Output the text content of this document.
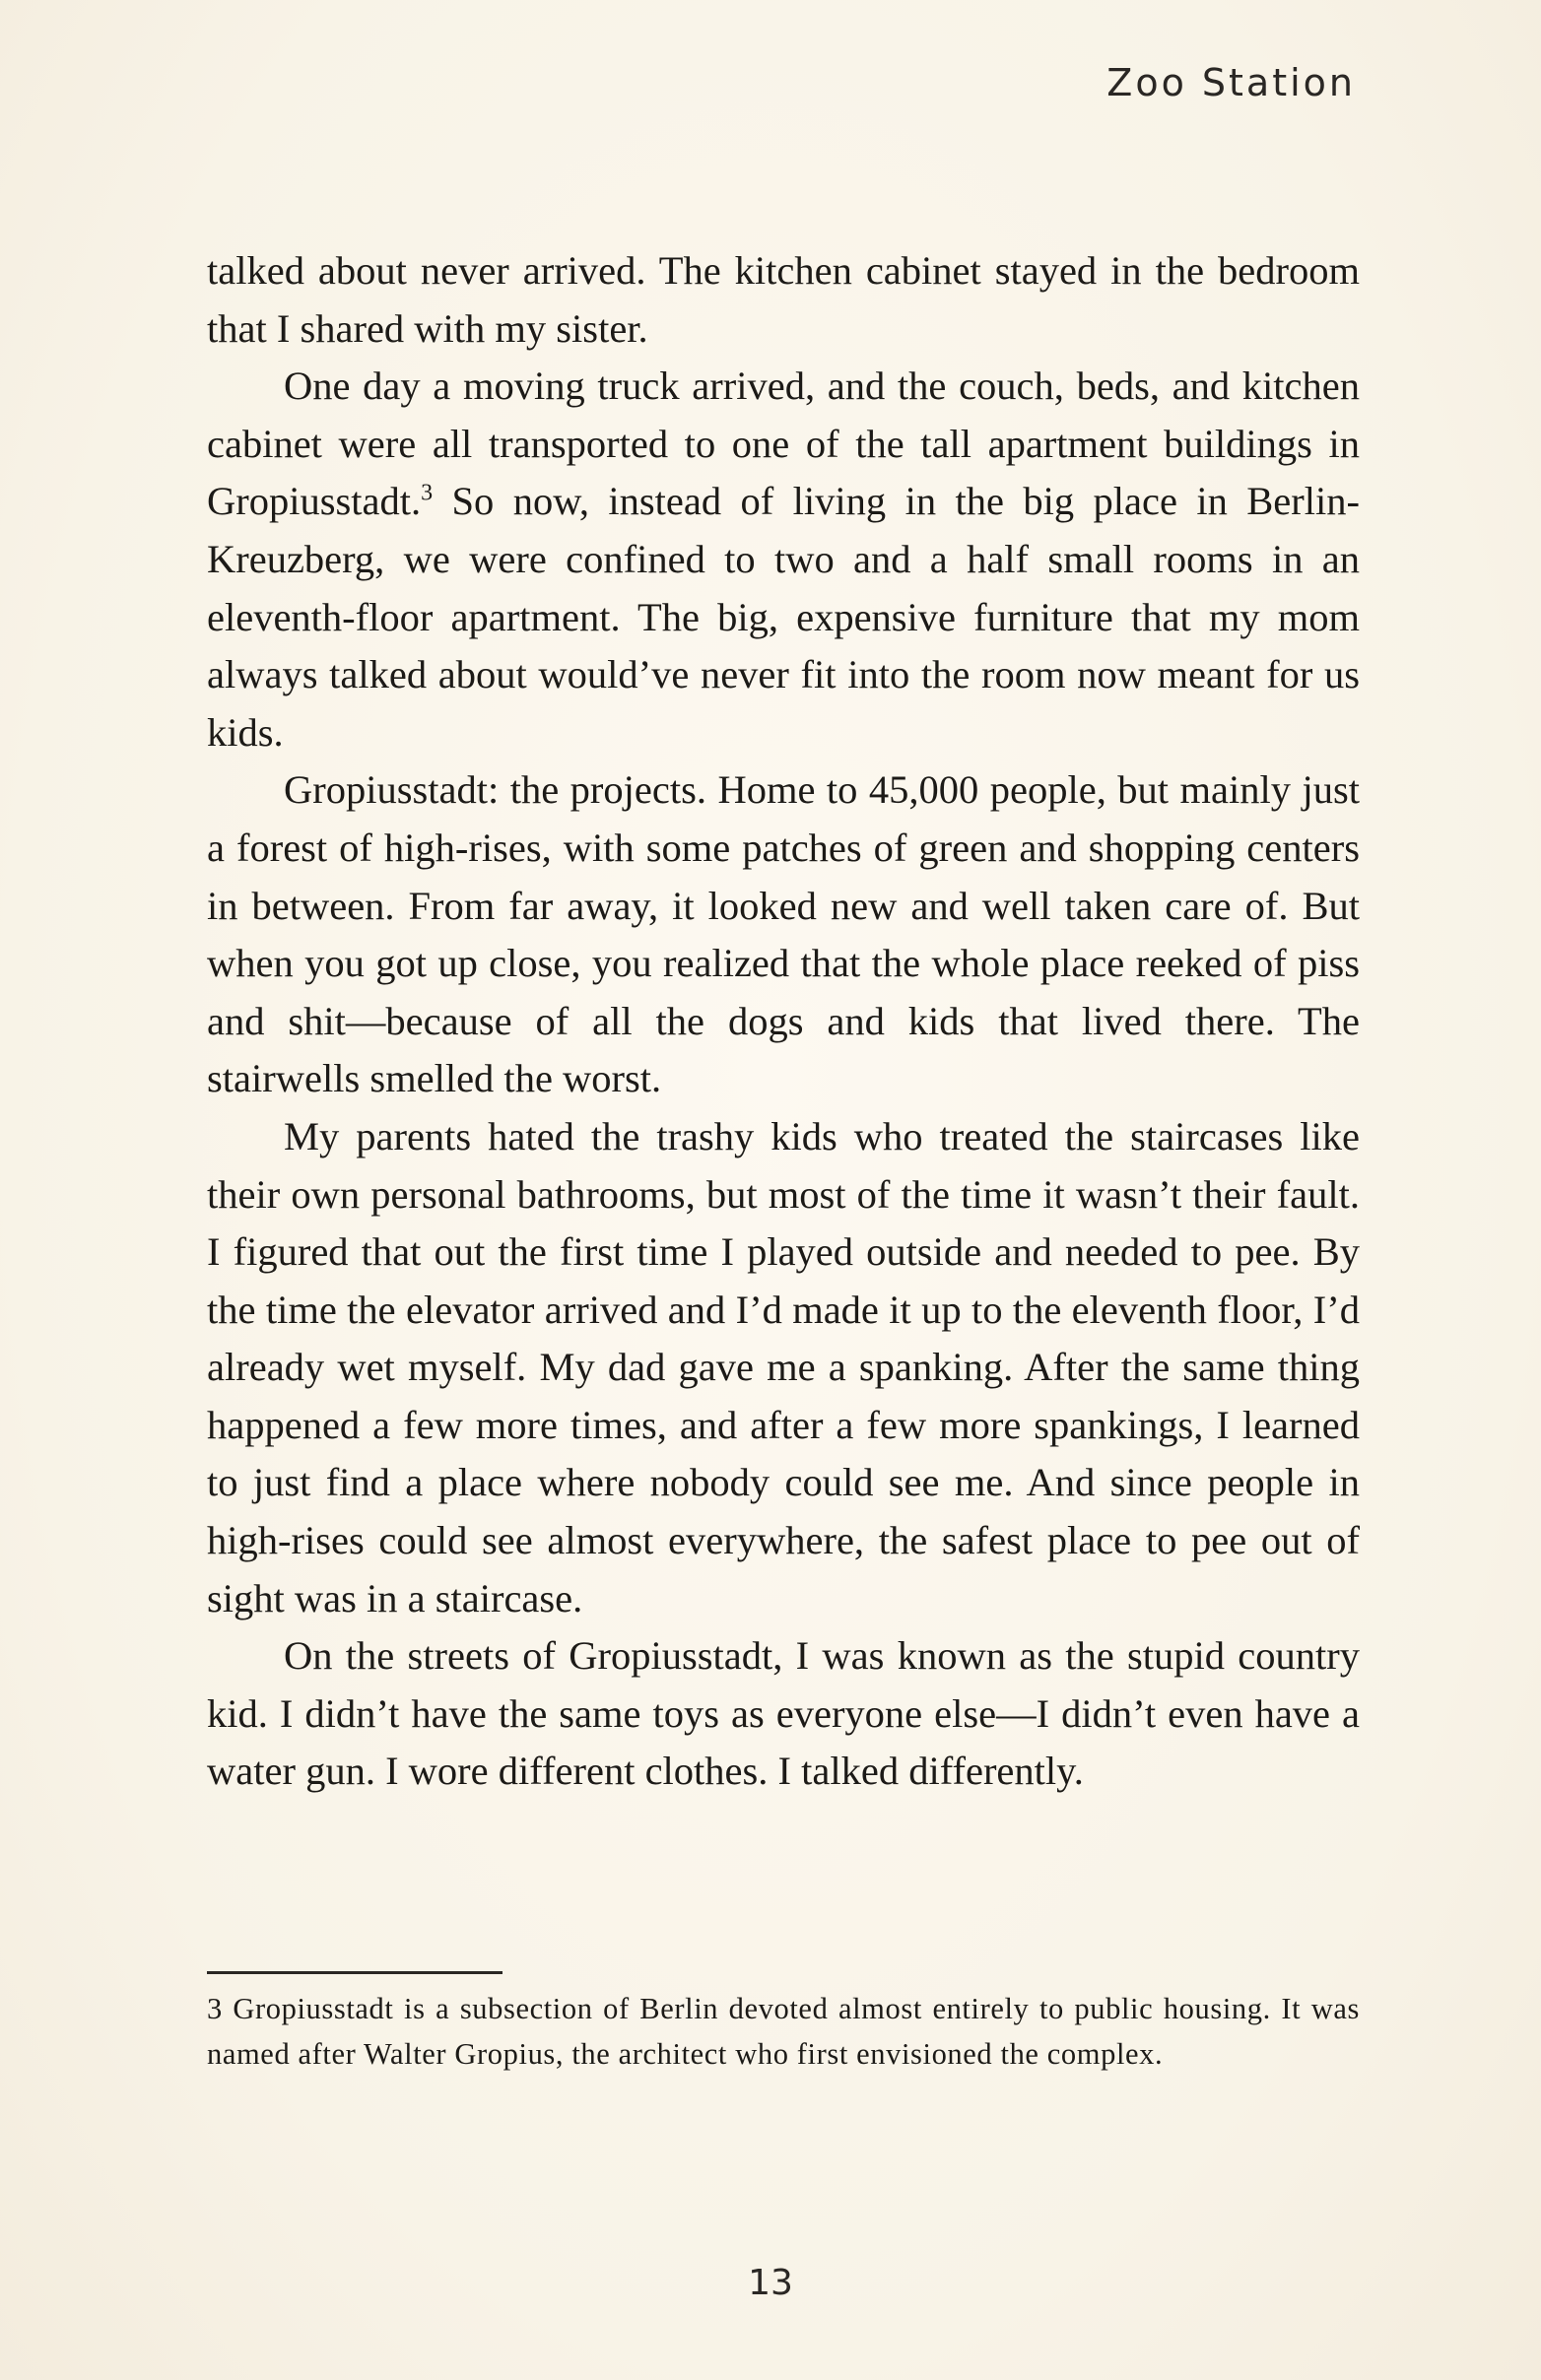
Zoo Station

talked about never arrived. The kitchen cabinet stayed in the bedroom that I shared with my sister.

One day a moving truck arrived, and the couch, beds, and kitchen cabinet were all transported to one of the tall apartment buildings in Gropiusstadt.$^3$ So now, instead of living in the big place in Berlin-Kreuzberg, we were confined to two and a half small rooms in an eleventh-floor apartment. The big, expensive furniture that my mom always talked about would’ve never fit into the room now meant for us kids.

Gropiusstadt: the projects. Home to 45,000 people, but mainly just a forest of high-rises, with some patches of green and shopping centers in between. From far away, it looked new and well taken care of. But when you got up close, you realized that the whole place reeked of piss and shit—because of all the dogs and kids that lived there. The stairwells smelled the worst.

My parents hated the trashy kids who treated the staircases like their own personal bathrooms, but most of the time it wasn’t their fault. I figured that out the first time I played outside and needed to pee. By the time the elevator arrived and I’d made it up to the eleventh floor, I’d already wet myself. My dad gave me a spanking. After the same thing happened a few more times, and after a few more spankings, I learned to just find a place where nobody could see me. And since people in high-rises could see almost everywhere, the safest place to pee out of sight was in a staircase.

On the streets of Gropiusstadt, I was known as the stupid country kid. I didn’t have the same toys as everyone else—I didn’t even have a water gun. I wore different clothes. I talked differently.

3 Gropiusstadt is a subsection of Berlin devoted almost entirely to public housing. It was named after Walter Gropius, the architect who first envisioned the complex.

13
